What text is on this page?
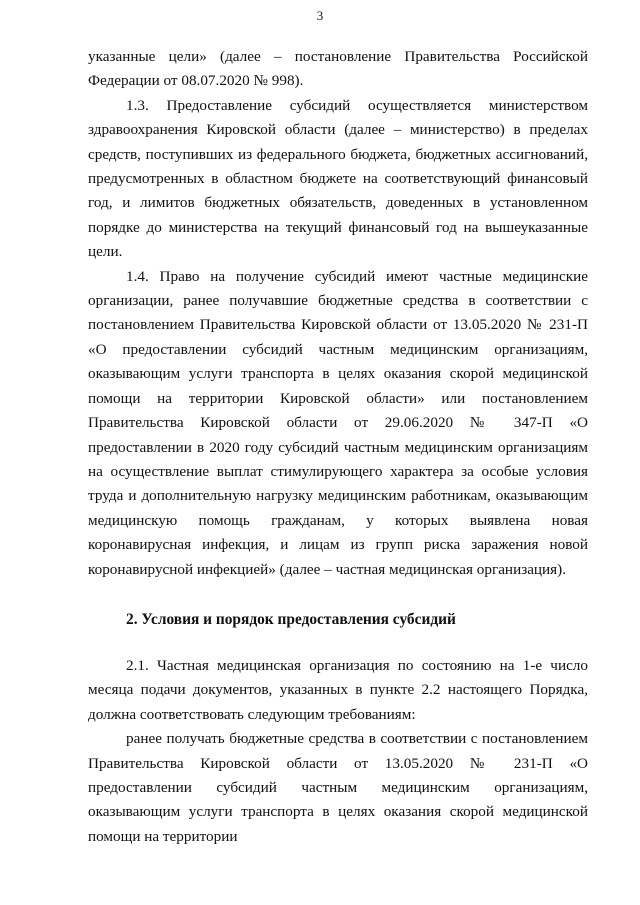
3

указанные цели» (далее – постановление Правительства Российской Федерации от 08.07.2020 № 998).

1.3. Предоставление субсидий осуществляется министерством здравоохранения Кировской области (далее – министерство) в пределах средств, поступивших из федерального бюджета, бюджетных ассигнований, предусмотренных в областном бюджете на соответствующий финансовый год, и лимитов бюджетных обязательств, доведенных в установленном порядке до министерства на текущий финансовый год на вышеуказанные цели.

1.4. Право на получение субсидий имеют частные медицинские организации, ранее получавшие бюджетные средства в соответствии с постановлением Правительства Кировской области от 13.05.2020 № 231-П «О предоставлении субсидий частным медицинским организациям, оказывающим услуги транспорта в целях оказания скорой медицинской помощи на территории Кировской области» или постановлением Правительства Кировской области от 29.06.2020 № 347-П «О предоставлении в 2020 году субсидий частным медицинским организациям на осуществление выплат стимулирующего характера за особые условия труда и дополнительную нагрузку медицинским работникам, оказывающим медицинскую помощь гражданам, у которых выявлена новая коронавирусная инфекция, и лицам из групп риска заражения новой коронавирусной инфекцией» (далее – частная медицинская организация).

2. Условия и порядок предоставления субсидий

2.1. Частная медицинская организация по состоянию на 1-е число месяца подачи документов, указанных в пункте 2.2 настоящего Порядка, должна соответствовать следующим требованиям:

ранее получать бюджетные средства в соответствии с постановлением Правительства Кировской области от 13.05.2020 № 231-П «О предоставлении субсидий частным медицинским организациям, оказывающим услуги транспорта в целях оказания скорой медицинской помощи на территории
